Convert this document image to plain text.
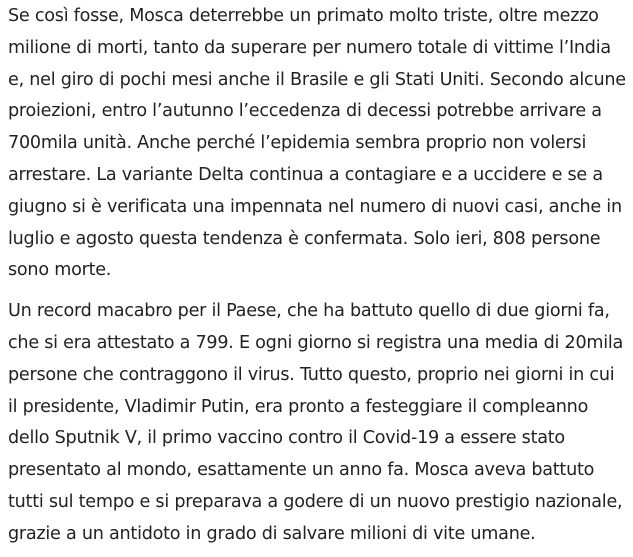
Se così fosse, Mosca deterrebbe un primato molto triste, oltre mezzo milione di morti, tanto da superare per numero totale di vittime l’India e, nel giro di pochi mesi anche il Brasile e gli Stati Uniti. Secondo alcune proiezioni, entro l’autunno l’eccedenza di decessi potrebbe arrivare a 700mila unità. Anche perché l’epidemia sembra proprio non volersi arrestare. La variante Delta continua a contagiare e a uccidere e se a giugno si è verificata una impennata nel numero di nuovi casi, anche in luglio e agosto questa tendenza è confermata. Solo ieri, 808 persone sono morte.

Un record macabro per il Paese, che ha battuto quello di due giorni fa, che si era attestato a 799. E ogni giorno si registra una media di 20mila persone che contraggono il virus. Tutto questo, proprio nei giorni in cui il presidente, Vladimir Putin, era pronto a festeggiare il compleanno dello Sputnik V, il primo vaccino contro il Covid-19 a essere stato presentato al mondo, esattamente un anno fa. Mosca aveva battuto tutti sul tempo e si preparava a godere di un nuovo prestigio nazionale, grazie a un antidoto in grado di salvare milioni di vite umane.
